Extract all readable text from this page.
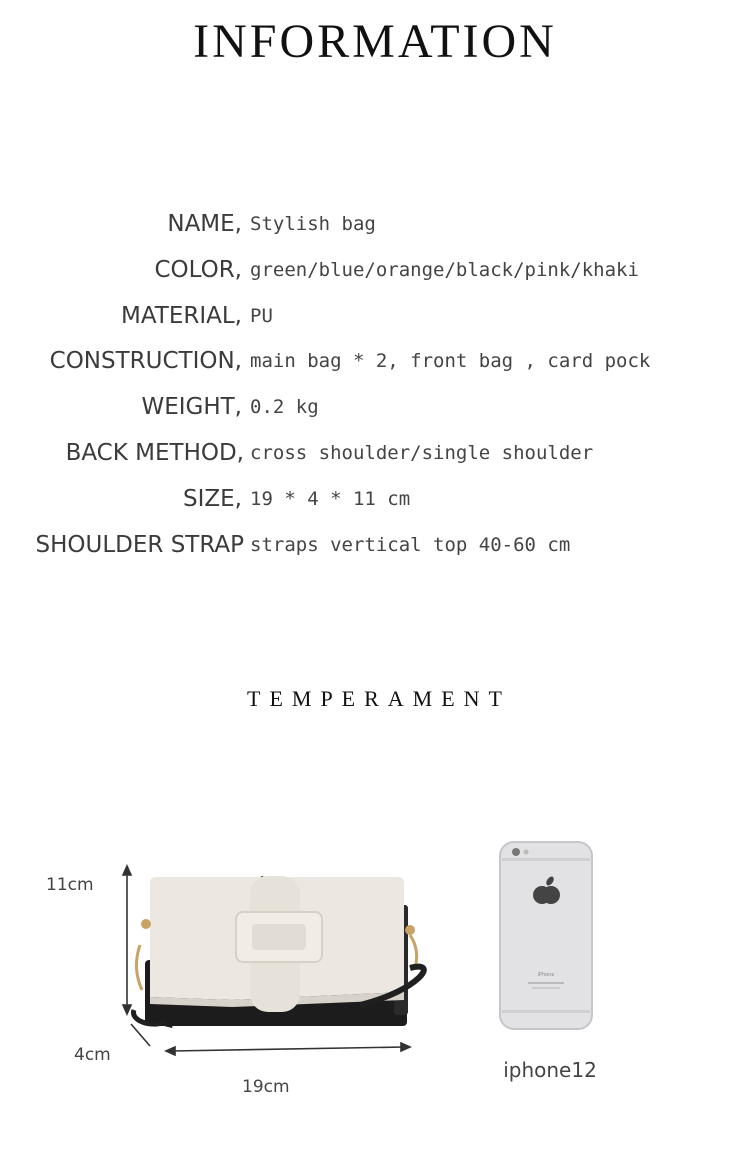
INFORMATION
NAME, Stylish bag
COLOR, green/blue/orange/black/pink/khaki
MATERIAL, PU
CONSTRUCTION, main bag * 2, front bag , card pock
WEIGHT, 0.2 kg
BACK METHOD, cross shoulder/single shoulder
SIZE, 19 * 4 * 11 cm
SHOULDER STRAP straps vertical top 40-60 cm
TEMPERAMENT
iPhone
11cm
4cm
19cm
iphone12
